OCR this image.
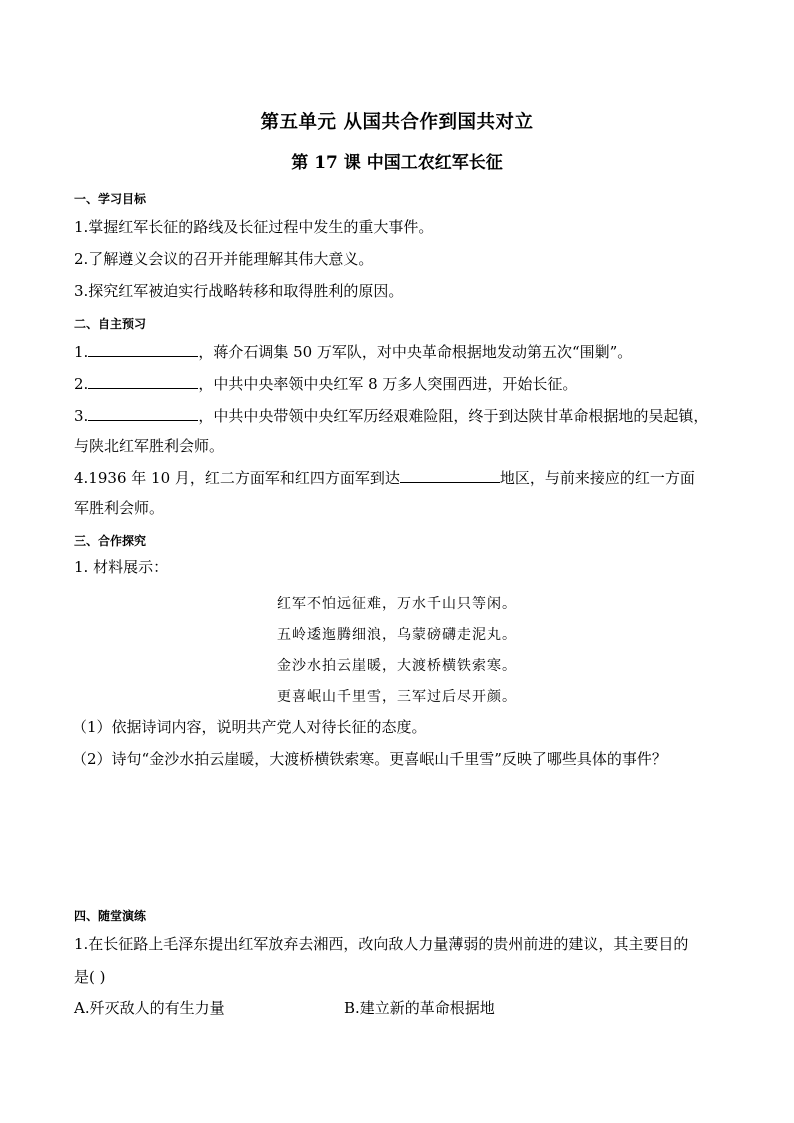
第五单元 从国共合作到国共对立
第 17 课 中国工农红军长征
一、学习目标
1.掌握红军长征的路线及长征过程中发生的重大事件。
2.了解遵义会议的召开并能理解其伟大意义。
3.探究红军被迫实行战略转移和取得胜利的原因。
二、自主预习
1.	，蒋介石调集 50 万军队，对中央革命根据地发动第五次“围剿”。
2.	，中共中央率领中央红军 8 万多人突围西进，开始长征。
3.	，中共中央带领中央红军历经艰难险阻，终于到达陕甘革命根据地的吴起镇，
与陕北红军胜利会师。
4.1936 年 10 月，红二方面军和红四方面军到达	地区，与前来接应的红一方面
军胜利会师。
三、合作探究
1. 材料展示：
红军不怕远征难，万水千山只等闲。
五岭逶迤腾细浪，乌蒙磅礴走泥丸。
金沙水拍云崖暖，大渡桥横铁索寒。
更喜岷山千里雪，三军过后尽开颜。
（1）依据诗词内容，说明共产党人对待长征的态度。
（2）诗句“金沙水拍云崖暖，大渡桥横铁索寒。更喜岷山千里雪”反映了哪些具体的事件？
四、随堂演练
1.在长征路上毛泽东提出红军放弃去湘西，改向敌人力量薄弱的贵州前进的建议，其主要目的
是( )
A.歼灭敌人的有生力量	B.建立新的革命根据地
